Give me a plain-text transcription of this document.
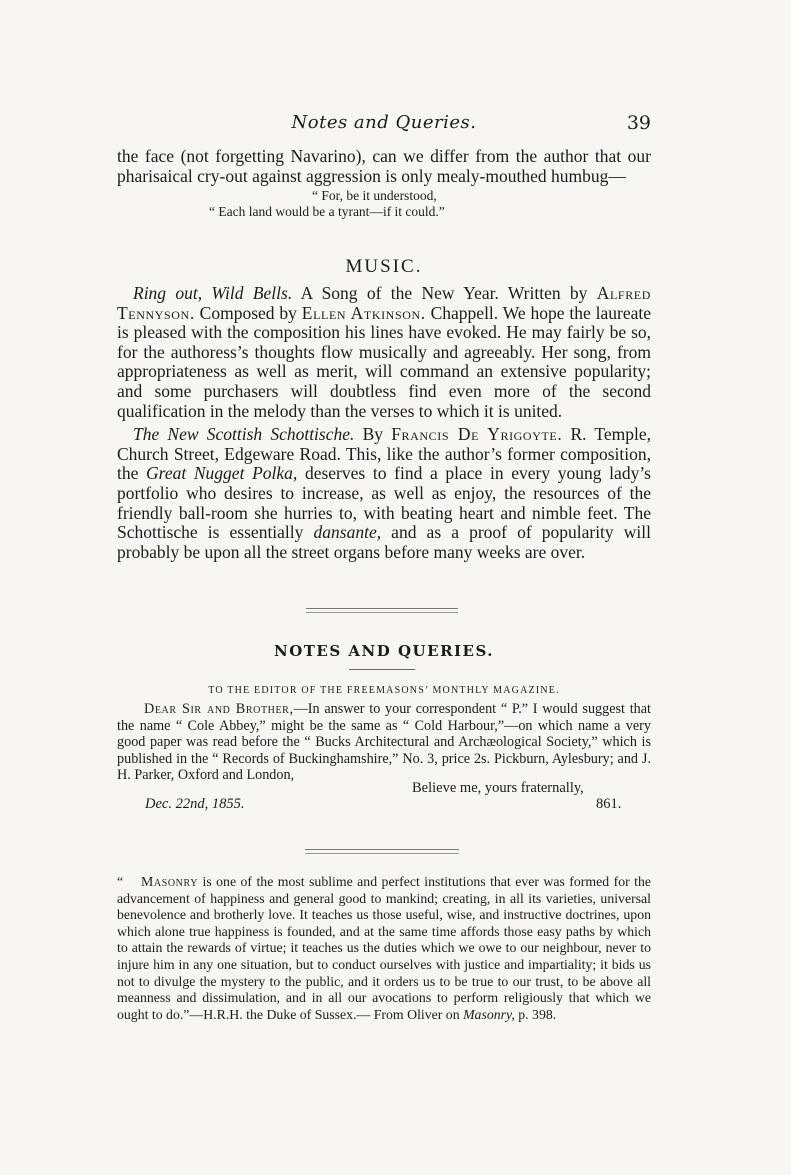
Notes and Queries.	39

the face (not forgetting Navarino), can we differ from the author that our pharisaical cry-out against aggression is only mealy-mouthed humbug—

“ For, be it understood,
“ Each land would be a tyrant—if it could.”
MUSIC.

Ring out, Wild Bells. A Song of the New Year. Written by Alfred Tennyson. Composed by Ellen Atkinson. Chappell. We hope the laureate is pleased with the composition his lines have evoked. He may fairly be so, for the authoress’s thoughts flow musically and agreeably. Her song, from appropriateness as well as merit, will command an extensive popularity; and some purchasers will doubtless find even more of the second qualification in the melody than the verses to which it is united.

The New Scottish Schottische. By Francis De Yrigoyte. R. Temple, Church Street, Edgeware Road. This, like the author’s former composition, the Great Nugget Polka, deserves to find a place in every young lady’s portfolio who desires to increase, as well as enjoy, the resources of the friendly ball-room she hurries to, with beating heart and nimble feet. The Schottische is essentially dansante, and as a proof of popularity will probably be upon all the street organs before many weeks are over.

NOTES AND QUERIES.
TO THE EDITOR OF THE FREEMASONS’ MONTHLY MAGAZINE.

Dear Sir and Brother,—In answer to your correspondent “ P.” I would suggest that the name “ Cole Abbey,” might be the same as “ Cold Harbour,”—on which name a very good paper was read before the “ Bucks Architectural and Archæological Society,” which is published in the “ Records of Buckinghamshire,” No. 3, price 2s. Pickburn, Aylesbury; and J. H. Parker, Oxford and London,

Believe me, yours fraternally,
Dec. 22nd, 1855.	861.

“ Masonry is one of the most sublime and perfect institutions that ever was formed for the advancement of happiness and general good to mankind; creating, in all its varieties, universal benevolence and brotherly love. It teaches us those useful, wise, and instructive doctrines, upon which alone true happiness is founded, and at the same time affords those easy paths by which to attain the rewards of virtue; it teaches us the duties which we owe to our neighbour, never to injure him in any one situation, but to conduct ourselves with justice and impartiality; it bids us not to divulge the mystery to the public, and it orders us to be true to our trust, to be above all meanness and dissimulation, and in all our avocations to perform religiously that which we ought to do.”—H.R.H. the Duke of Sussex.— From Oliver on Masonry, p. 398.
